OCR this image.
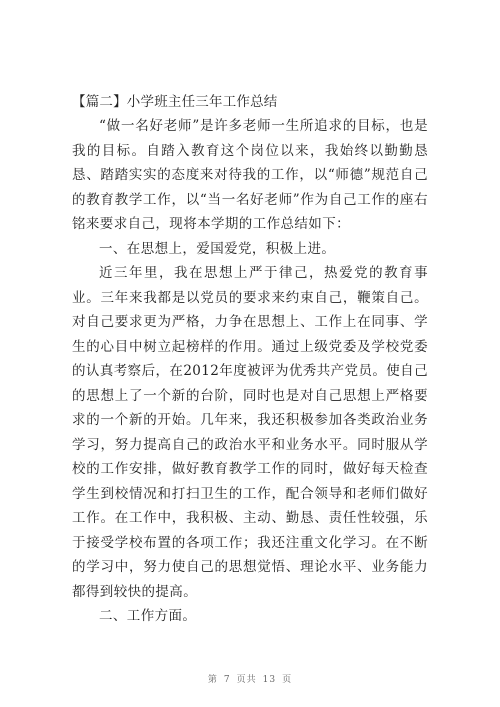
【篇二】小学班主任三年工作总结

“做一名好老师”是许多老师一生所追求的目标，也是我的目标。自踏入教育这个岗位以来，我始终以勤勤恳恳、踏踏实实的态度来对待我的工作，以“师德”规范自己的教育教学工作，以“当一名好老师”作为自己工作的座右铭来要求自己，现将本学期的工作总结如下：

一、在思想上，爱国爱党，积极上进。

近三年里，我在思想上严于律己，热爱党的教育事业。三年来我都是以党员的要求来约束自己，鞭策自己。对自己要求更为严格，力争在思想上、工作上在同事、学生的心目中树立起榜样的作用。通过上级党委及学校党委的认真考察后，在2012年度被评为优秀共产党员。使自己的思想上了一个新的台阶，同时也是对自己思想上严格要求的一个新的开始。几年来，我还积极参加各类政治业务学习，努力提高自己的政治水平和业务水平。同时服从学校的工作安排，做好教育教学工作的同时，做好每天检查学生到校情况和打扫卫生的工作，配合领导和老师们做好工作。在工作中，我积极、主动、勤恳、责任性较强，乐于接受学校布置的各项工作；我还注重文化学习。在不断的学习中，努力使自己的思想觉悟、理论水平、业务能力都得到较快的提高。

二、工作方面。

第 7 页共 13 页
